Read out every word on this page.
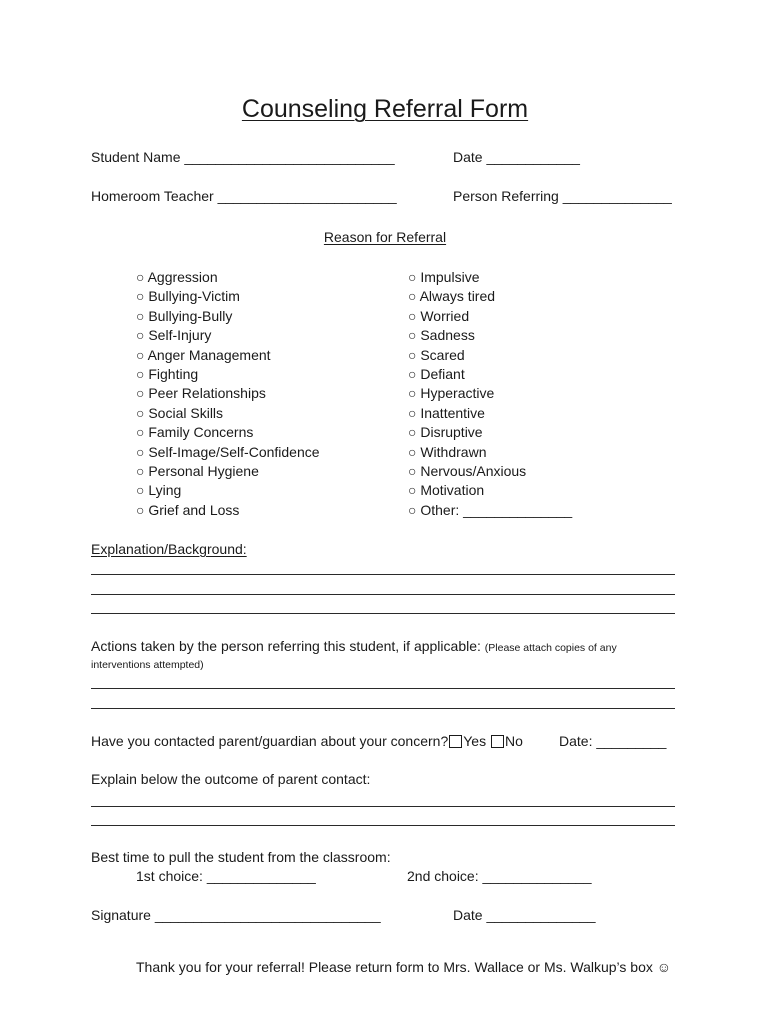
Counseling Referral Form
Student Name ___________________________	Date ____________
Homeroom Teacher _______________________	Person Referring ______________
Reason for Referral
○ Aggression
○ Bullying-Victim
○ Bullying-Bully
○ Self-Injury
○ Anger Management
○ Fighting
○ Peer Relationships
○ Social Skills
○ Family Concerns
○ Self-Image/Self-Confidence
○ Personal Hygiene
○ Lying
○ Grief and Loss
○ Impulsive
○ Always tired
○ Worried
○ Sadness
○ Scared
○ Defiant
○ Hyperactive
○ Inattentive
○ Disruptive
○ Withdrawn
○ Nervous/Anxious
○ Motivation
○ Other: ______________
Explanation/Background:
Actions taken by the person referring this student, if applicable: (Please attach copies of any
interventions attempted)
Have you contacted parent/guardian about your concern? Yes No	Date: _________
Explain below the outcome of parent contact:
Best time to pull the student from the classroom:
1st choice: ______________	2nd choice: ______________
Signature _____________________________	Date ______________
Thank you for your referral! Please return form to Mrs. Wallace or Ms. Walkup’s box ☺
